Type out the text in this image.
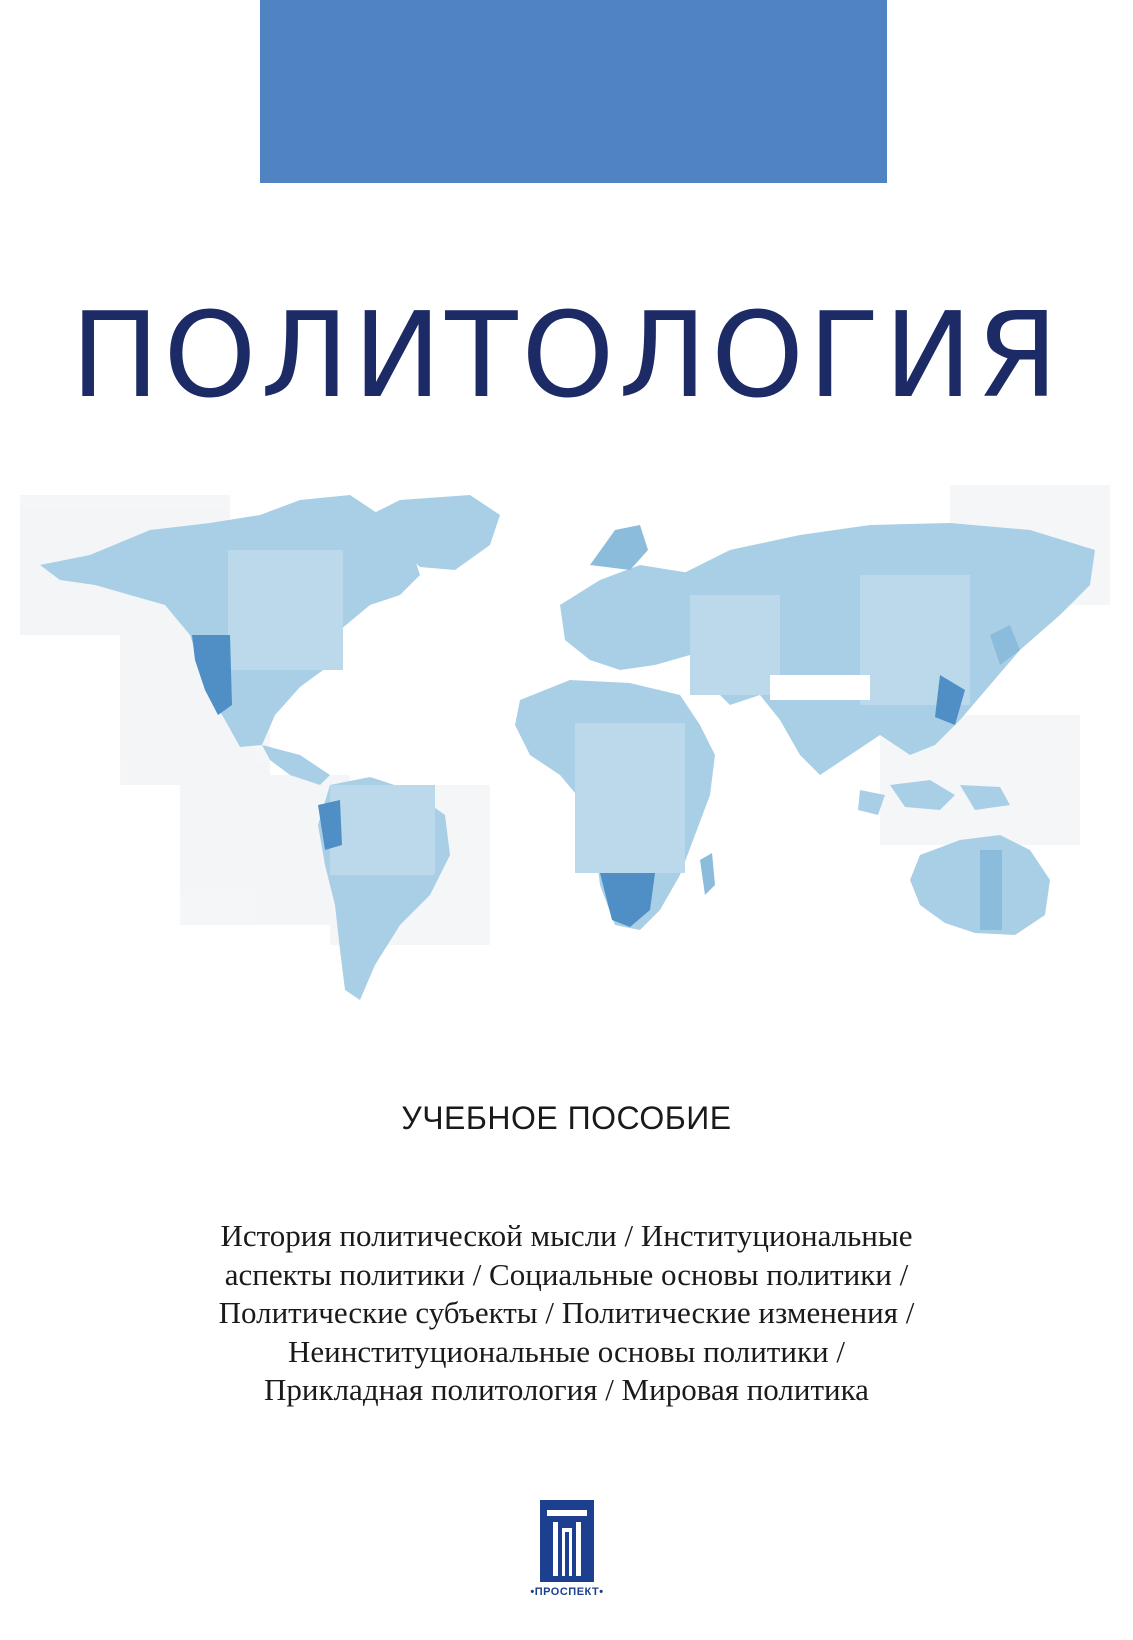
ПОЛИТОЛОГИЯ
УЧЕБНОЕ ПОСОБИЕ
История политической мысли / Институциональные
аспекты политики / Социальные основы политики /
Политические субъекты / Политические изменения /
Неинституциональные основы политики /
Прикладная политология / Мировая политика
•ПРОСПЕКТ•
